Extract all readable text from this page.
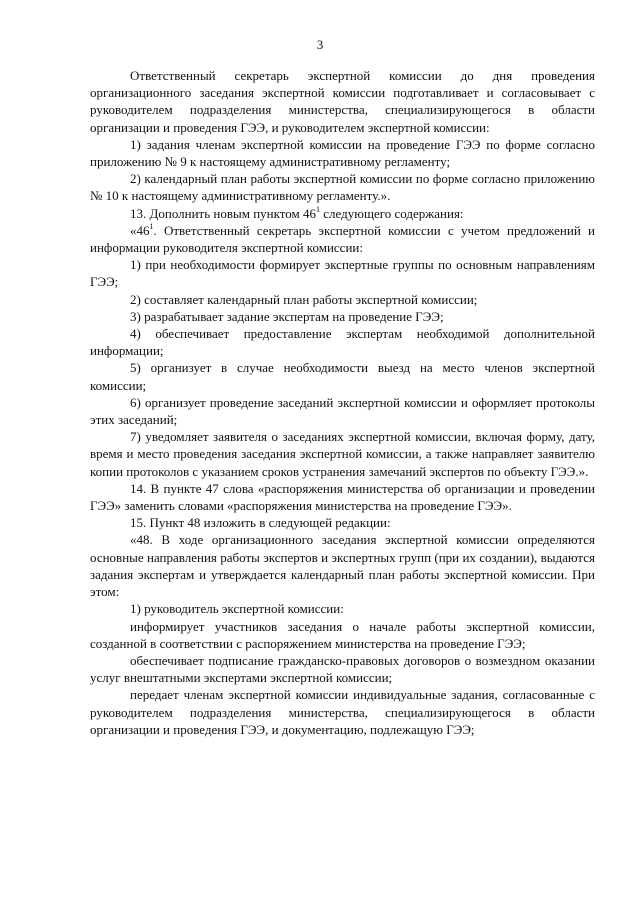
3

Ответственный секретарь экспертной комиссии до дня проведения организационного заседания экспертной комиссии подготавливает и согласовывает с руководителем подразделения министерства, специализирующегося в области организации и проведения ГЭЭ, и руководителем экспертной комиссии:

1) задания членам экспертной комиссии на проведение ГЭЭ по форме согласно приложению № 9 к настоящему административному регламенту;

2) календарный план работы экспертной комиссии по форме согласно приложению № 10 к настоящему административному регламенту.».

13. Дополнить новым пунктом $46^1$ следующего содержания:

«$46^1$. Ответственный секретарь экспертной комиссии с учетом предложений и информации руководителя экспертной комиссии:

1) при необходимости формирует экспертные группы по основным направлениям ГЭЭ;

2) составляет календарный план работы экспертной комиссии;

3) разрабатывает задание экспертам на проведение ГЭЭ;

4) обеспечивает предоставление экспертам необходимой дополнительной информации;

5) организует в случае необходимости выезд на место членов экспертной комиссии;

6) организует проведение заседаний экспертной комиссии и оформляет протоколы этих заседаний;

7) уведомляет заявителя о заседаниях экспертной комиссии, включая форму, дату, время и место проведения заседания экспертной комиссии, а также направляет заявителю копии протоколов с указанием сроков устранения замечаний экспертов по объекту ГЭЭ.».

14. В пункте 47 слова «распоряжения министерства об организации и проведении ГЭЭ» заменить словами «распоряжения министерства на проведение ГЭЭ».

15. Пункт 48 изложить в следующей редакции:

«48. В ходе организационного заседания экспертной комиссии определяются основные направления работы экспертов и экспертных групп (при их создании), выдаются задания экспертам и утверждается календарный план работы экспертной комиссии. При этом:

1) руководитель экспертной комиссии:

информирует участников заседания о начале работы экспертной комиссии, созданной в соответствии с распоряжением министерства на проведение ГЭЭ;

обеспечивает подписание гражданско-правовых договоров о возмездном оказании услуг внештатными экспертами экспертной комиссии;

передает членам экспертной комиссии индивидуальные задания, согласованные с руководителем подразделения министерства, специализирующегося в области организации и проведения ГЭЭ, и документацию, подлежащую ГЭЭ;
